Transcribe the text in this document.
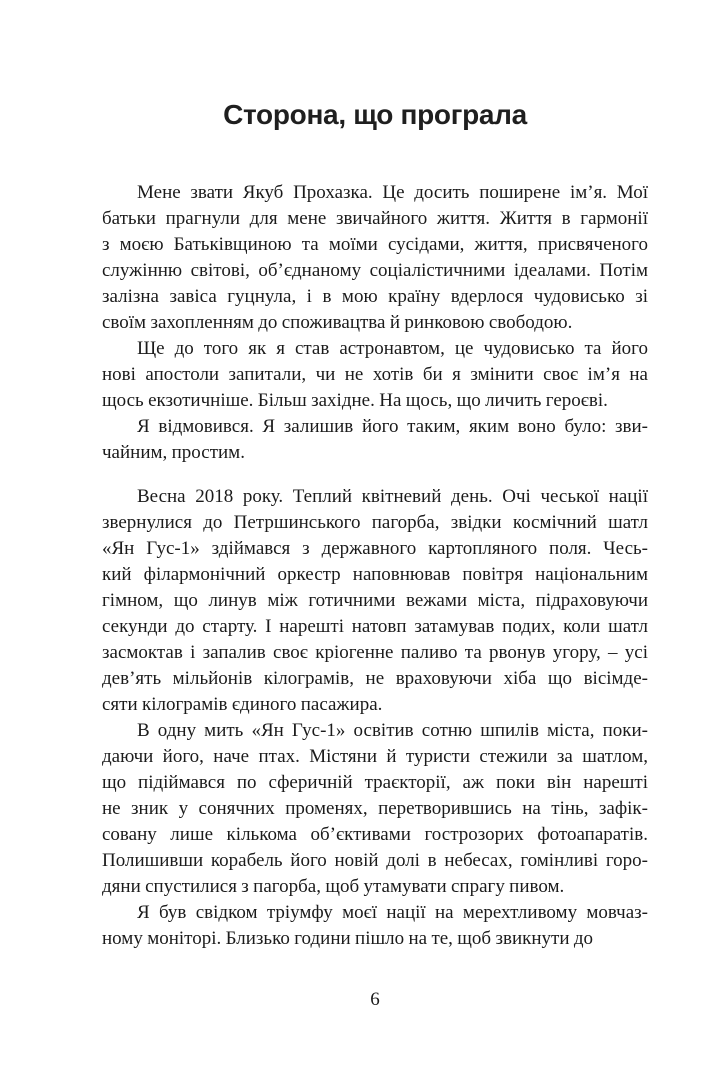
Сторона, що програла
Мене звати Якуб Прохазка. Це досить поширене ім’я. Мої
батьки прагнули для мене звичайного життя. Життя в гармонії
з моєю Батьківщиною та моїми сусідами, життя, присвяченого
служінню світові, об’єднаному соціалістичними ідеалами. Потім
залізна завіса гуцнула, і в мою країну вдерлося чудовисько зі
своїм захопленням до споживацтва й ринковою свободою.
Ще до того як я став астронавтом, це чудовисько та його
нові апостоли запитали, чи не хотів би я змінити своє ім’я на
щось екзотичніше. Більш західне. На щось, що личить героєві.
Я відмовився. Я залишив його таким, яким воно було: зви-
чайним, простим.
Весна 2018 року. Теплий квітневий день. Очі чеської нації
звернулися до Петршинського пагорба, звідки космічний шатл
«Ян Гус-1» здіймався з державного картопляного поля. Чесь-
кий філармонічний оркестр наповнював повітря національним
гімном, що линув між готичними вежами міста, підраховуючи
секунди до старту. І нарешті натовп затамував подих, коли шатл
засмоктав і запалив своє кріогенне паливо та рвонув угору, – усі
дев’ять мільйонів кілограмів, не враховуючи хіба що вісімде-
сяти кілограмів єдиного пасажира.
В одну мить «Ян Гус-1» освітив сотню шпилів міста, поки-
даючи його, наче птах. Містяни й туристи стежили за шатлом,
що підіймався по сферичній траєкторії, аж поки він нарешті
не зник у сонячних променях, перетворившись на тінь, зафік-
совану лише кількома об’єктивами гострозорих фотоапаратів.
Полишивши корабель його новій долі в небесах, гомінливі горо-
дяни спустилися з пагорба, щоб утамувати спрагу пивом.
Я був свідком тріумфу моєї нації на мерехтливому мовчаз-
ному моніторі. Близько години пішло на те, щоб звикнути до
6
